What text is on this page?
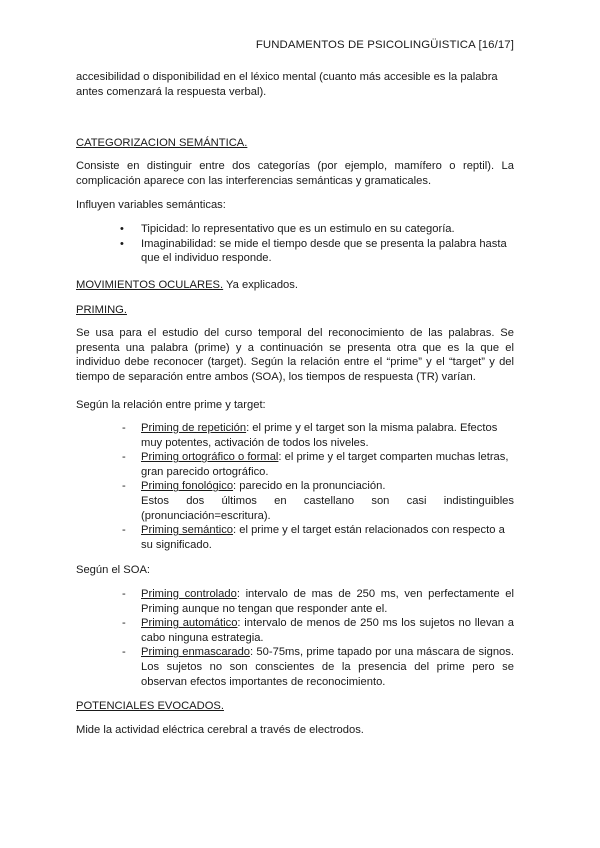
FUNDAMENTOS DE PSICOLINGÜISTICA [16/17]
accesibilidad o disponibilidad en el léxico mental (cuanto más accesible es la palabra
antes comenzará la respuesta verbal).
CATEGORIZACION SEMÁNTICA.
Consiste en distinguir entre dos categorías (por ejemplo, mamífero o reptil). La complicación aparece con las interferencias semánticas y gramaticales.
Influyen variables semánticas:
• Tipicidad: lo representativo que es un estimulo en su categoría.
• Imaginabilidad: se mide el tiempo desde que se presenta la palabra hasta que el individuo responde.
MOVIMIENTOS OCULARES. Ya explicados.
PRIMING.
Se usa para el estudio del curso temporal del reconocimiento de las palabras. Se presenta una palabra (prime) y a continuación se presenta otra que es la que el individuo debe reconocer (target). Según la relación entre el “prime” y el “target” y del tiempo de separación entre ambos (SOA), los tiempos de respuesta (TR) varían.
Según la relación entre prime y target:
- Priming de repetición: el prime y el target son la misma palabra. Efectos muy potentes, activación de todos los niveles.
- Priming ortográfico o formal: el prime y el target comparten muchas letras, gran parecido ortográfico.
- Priming fonológico: parecido en la pronunciación.
Estos dos últimos en castellano son casi indistinguibles
(pronunciación=escritura).
- Priming semántico: el prime y el target están relacionados con respecto a su significado.
Según el SOA:
- Priming controlado: intervalo de mas de 250 ms, ven perfectamente el Priming aunque no tengan que responder ante el.
- Priming automático: intervalo de menos de 250 ms los sujetos no llevan a cabo ninguna estrategia.
- Priming enmascarado: 50-75ms, prime tapado por una máscara de signos. Los sujetos no son conscientes de la presencia del prime pero se observan efectos importantes de reconocimiento.
POTENCIALES EVOCADOS.
Mide la actividad eléctrica cerebral a través de electrodos.
